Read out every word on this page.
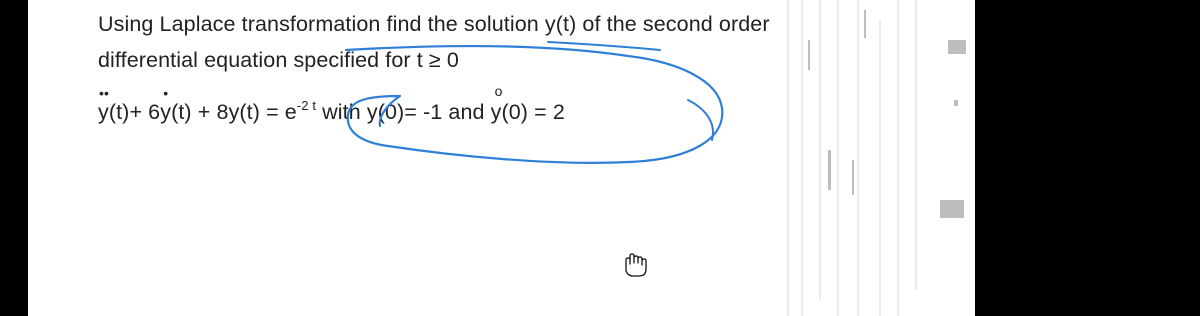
Using Laplace transformation find the solution y(t) of the second order
differential equation specified for t ≥ 0
••
y(t)+ 6
•
$y(t) + 8y(t) = e^{-2 t}$ with y(0)= -1 and
o
y(0) = 2
